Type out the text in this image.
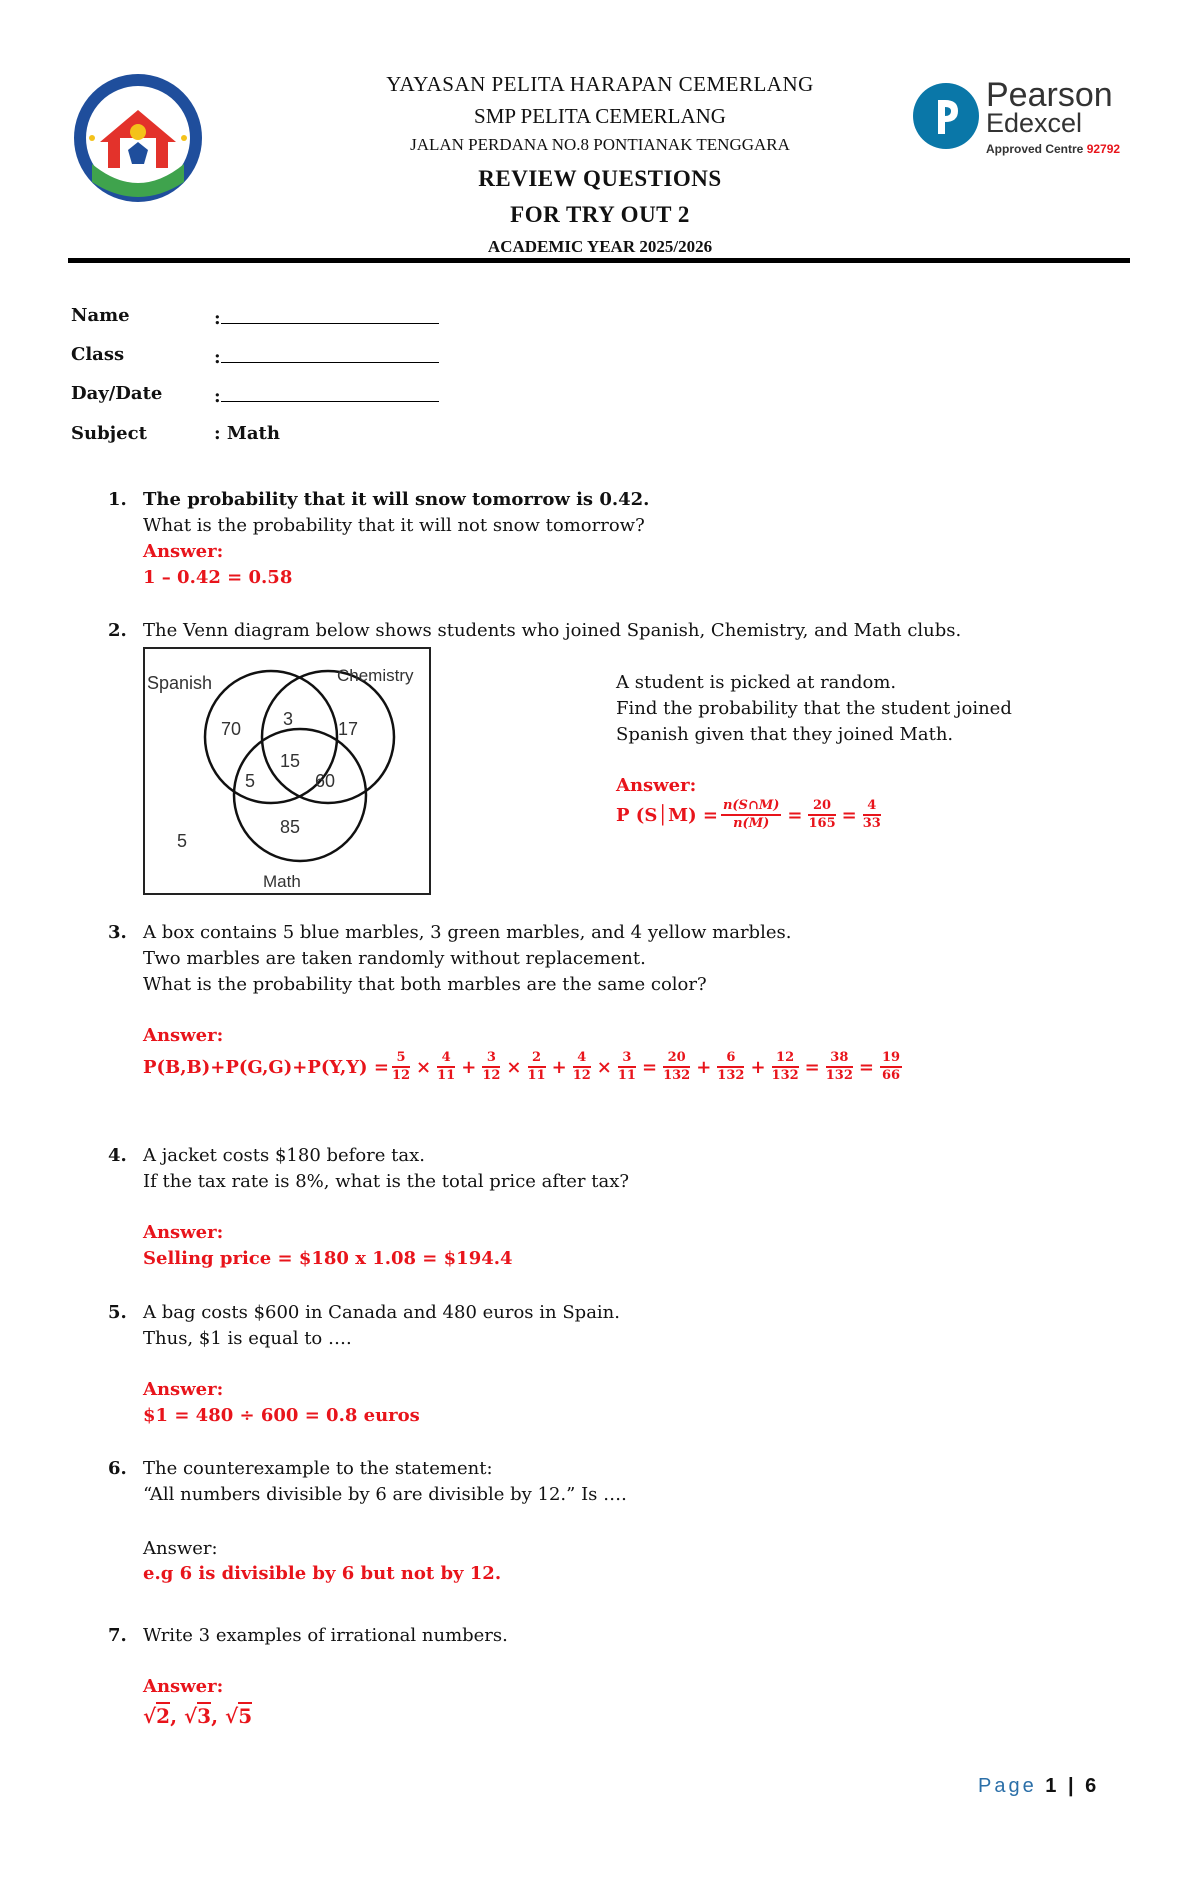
Pearson
Edexcel
Approved Centre 92792
YAYASAN PELITA HARAPAN CEMERLANG
SMP PELITA CEMERLANG
JALAN PERDANA NO.8 PONTIANAK TENGGARA
REVIEW QUESTIONS
FOR TRY OUT 2
ACADEMIC YEAR 2025/2026
Name	:
Class	:
Day/Date	:
Subject	: Math
1. The probability that it will snow tomorrow is 0.42.
What is the probability that it will not snow tomorrow?
Answer:
1 – 0.42 = 0.58
2. The Venn diagram below shows students who joined Spanish, Chemistry, and Math clubs.
Spanish	Chemistry
Math
70 3 17
15
5	60
85
5
A student is picked at random.
Find the probability that the student joined
Spanish given that they joined Math.
Answer:
P (S│M) = $\frac{n(S\cap M)}{n(M)} = \frac{20}{165} = \frac{4}{33}$
3. A box contains 5 blue marbles, 3 green marbles, and 4 yellow marbles.
Two marbles are taken randomly without replacement.
What is the probability that both marbles are the same color?
Answer:
$P(B,B)+P(G,G)+P(Y,Y) = \frac{5}{12} \times \frac{4}{11} + \frac{3}{12} \times \frac{2}{11} + \frac{4}{12} \times \frac{3}{11} = \frac{20}{132} + \frac{6}{132} + \frac{12}{132} = \frac{38}{132} = \frac{19}{66}$
4. A jacket costs $180 before tax.
If the tax rate is 8%, what is the total price after tax?
Answer:
Selling price = $180 x 1.08 = $194.4
5. A bag costs $600 in Canada and 480 euros in Spain.
Thus, $1 is equal to ….
Answer:
$1 = 480 ÷ 600 = 0.8 euros
6. The counterexample to the statement:
“All numbers divisible by 6 are divisible by 12.” Is ….
Answer:
e.g 6 is divisible by 6 but not by 12.
7. Write 3 examples of irrational numbers.
Answer:
√2, √3, √5
Page 1 | 6
